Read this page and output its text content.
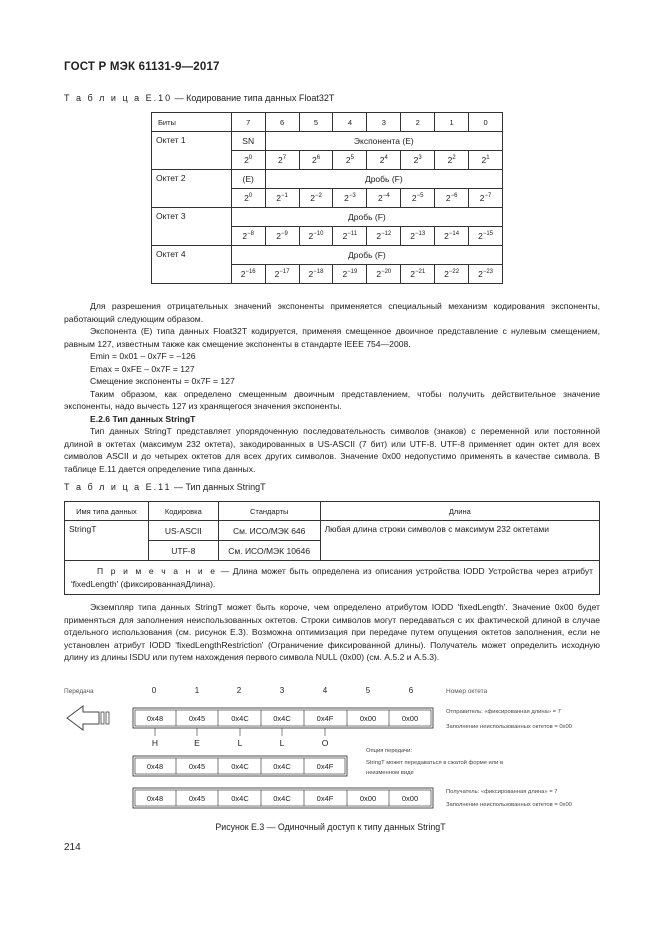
ГОСТ Р МЭК 61131-9—2017
Т а б л и ц а Е.10 — Кодирование типа данных Float32T
Биты	7	6	5	4	3	2	1	0
Октет 1	SN	Экспонента (E)						
	$2^0$	$2^7$	$2^6$	$2^5$	$2^4$	$2^3$	$2^2$	$2^1$
Октет 2	(E)	Дробь (F)						
	$2^0$	$2^{-1}$	$2^{-2}$	$2^{-3}$	$2^{-4}$	$2^{-5}$	$2^{-6}$	$2^{-7}$
Октет 3	Дробь (F)							
	$2^{-8}$	$2^{-9}$	$2^{-10}$	$2^{-11}$	$2^{-12}$	$2^{-13}$	$2^{-14}$	$2^{-15}$
Октет 4	Дробь (F)							
	$2^{-16}$	$2^{-17}$	$2^{-18}$	$2^{-19}$	$2^{-20}$	$2^{-21}$	$2^{-22}$	$2^{-23}$

Для разрешения отрицательных значений экспоненты применяется специальный механизм кодирования экспоненты, работающий следующим образом.

Экспонента (E) типа данных Float32T кодируется, применяя смещенное двоичное представление с нулевым смещением, равным 127, известным также как смещение экспоненты в стандарте IEEE 754—2008.

Emin = 0x01 – 0x7F = –126

Emax = 0xFE – 0x7F = 127

Смещение экспоненты = 0x7F = 127

Таким образом, как определено смещенным двоичным представлением, чтобы получить действительное значение экспоненты, надо вычесть 127 из хранящегося значения экспоненты.

E.2.6 Тип данных StringT

Тип данных StringT представляет упорядоченную последовательность символов (знаков) с переменной или постоянной длиной в октетах (максимум 232 октета), закодированных в US-ASCII (7 бит) или UTF-8. UTF-8 применяет один октет для всех символов ASCII и до четырех октетов для всех других символов. Значение 0x00 недопустимо применять в качестве символа. В таблице Е.11 дается определение типа данных.

Т а б л и ц а Е.11 — Тип данных StringT
Имя типа данных	Кодировка	Стандарты	Длина
StringT	US-ASCII	См. ИСО/МЭК 646	Любая длина строки символов с максимум 232 октетами
	UTF-8	См. ИСО/МЭК 10646	
П р и м е ч а н и е — Длина может быть определена из описания устройства IODD Устройства через атрибут 'fixedLength' (фиксированнаяДлина).			

Экземпляр типа данных StringT может быть короче, чем определено атрибутом IODD 'fixedLength'. Значение 0x00 будет применяться для заполнения неиспользованных октетов. Строки символов могут передаваться с их фактической длиной в случае отдельного использования (см. рисунок Е.3). Возможна оптимизация при передаче путем опущения октетов заполнения, если не установлен атрибут IODD 'fixedLengthRestriction' (Ограничение фиксированной длины). Получатель может определить исходную длину из длины ISDU или путем нахождения первого символа NULL (0x00) (см. А.5.2 и А.5.3).

Передача	Номер октета
0	1	2	3	4	5	6
0x48	0x45	0x4C	0x4C	0x4F	0x00	0x00
Отправитель: «фиксированная длина» = 7
Заполнение неиспользованных октетов = 0x00
H	E	L	L	O
0x48	0x45	0x4C	0x4C	0x4F
Опция передачи:
StringT может передаваться в сжатой форме или в
неизменном виде
0x48	0x45	0x4C	0x4C	0x4F	0x00	0x00
Получатель: «фиксированная длина» = 7
Заполнение неиспользованных октетов = 0x00
Рисунок Е.3 — Одиночный доступ к типу данных StringT
214
